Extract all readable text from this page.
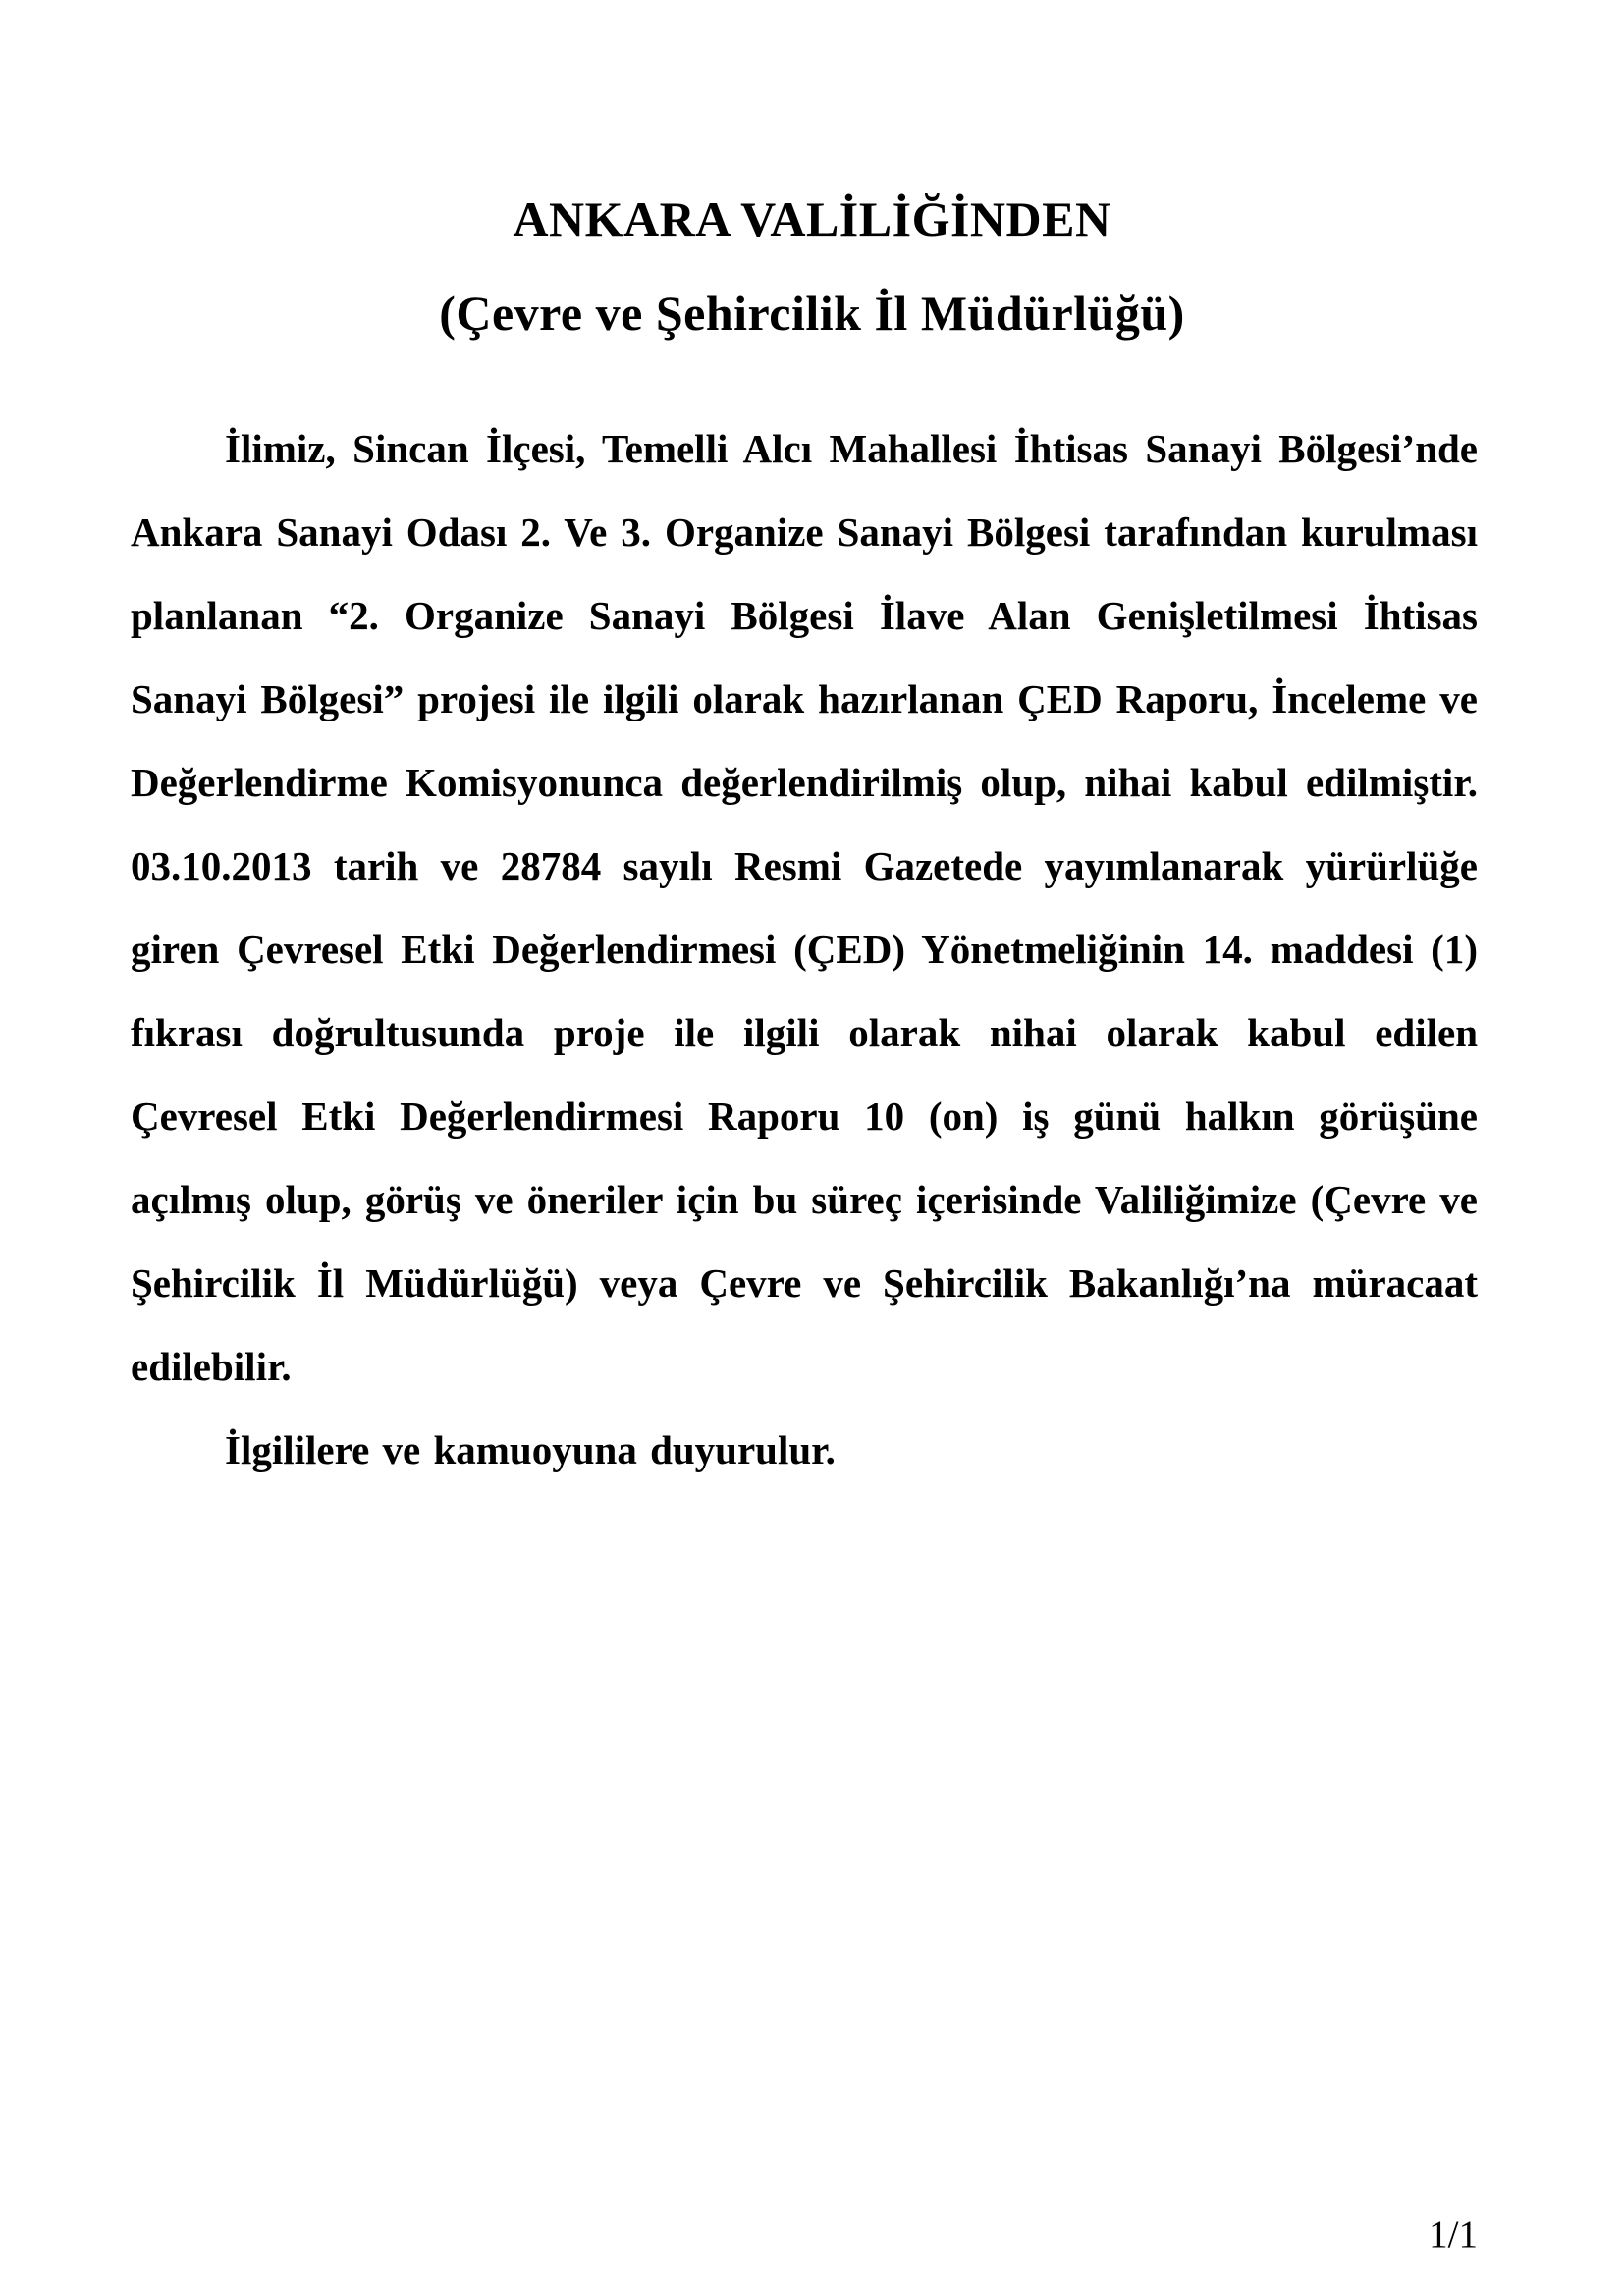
ANKARA VALİLİĞİNDEN
(Çevre ve Şehircilik İl Müdürlüğü)

İlimiz, Sincan İlçesi, Temelli Alcı Mahallesi İhtisas Sanayi Bölgesi’nde Ankara Sanayi Odası 2. Ve 3. Organize Sanayi Bölgesi tarafından kurulması planlanan “2. Organize Sanayi Bölgesi İlave Alan Genişletilmesi İhtisas Sanayi Bölgesi” projesi ile ilgili olarak hazırlanan ÇED Raporu, İnceleme ve Değerlendirme Komisyonunca değerlendirilmiş olup, nihai kabul edilmiştir. 03.10.2013 tarih ve 28784 sayılı Resmi Gazetede yayımlanarak yürürlüğe giren Çevresel Etki Değerlendirmesi (ÇED) Yönetmeliğinin 14. maddesi (1) fıkrası doğrultusunda proje ile ilgili olarak nihai olarak kabul edilen Çevresel Etki Değerlendirmesi Raporu 10 (on) iş günü halkın görüşüne açılmış olup, görüş ve öneriler için bu süreç içerisinde Valiliğimize (Çevre ve Şehircilik İl Müdürlüğü) veya Çevre ve Şehircilik Bakanlığı’na müracaat edilebilir.

İlgililere ve kamuoyuna duyurulur.

1/1
